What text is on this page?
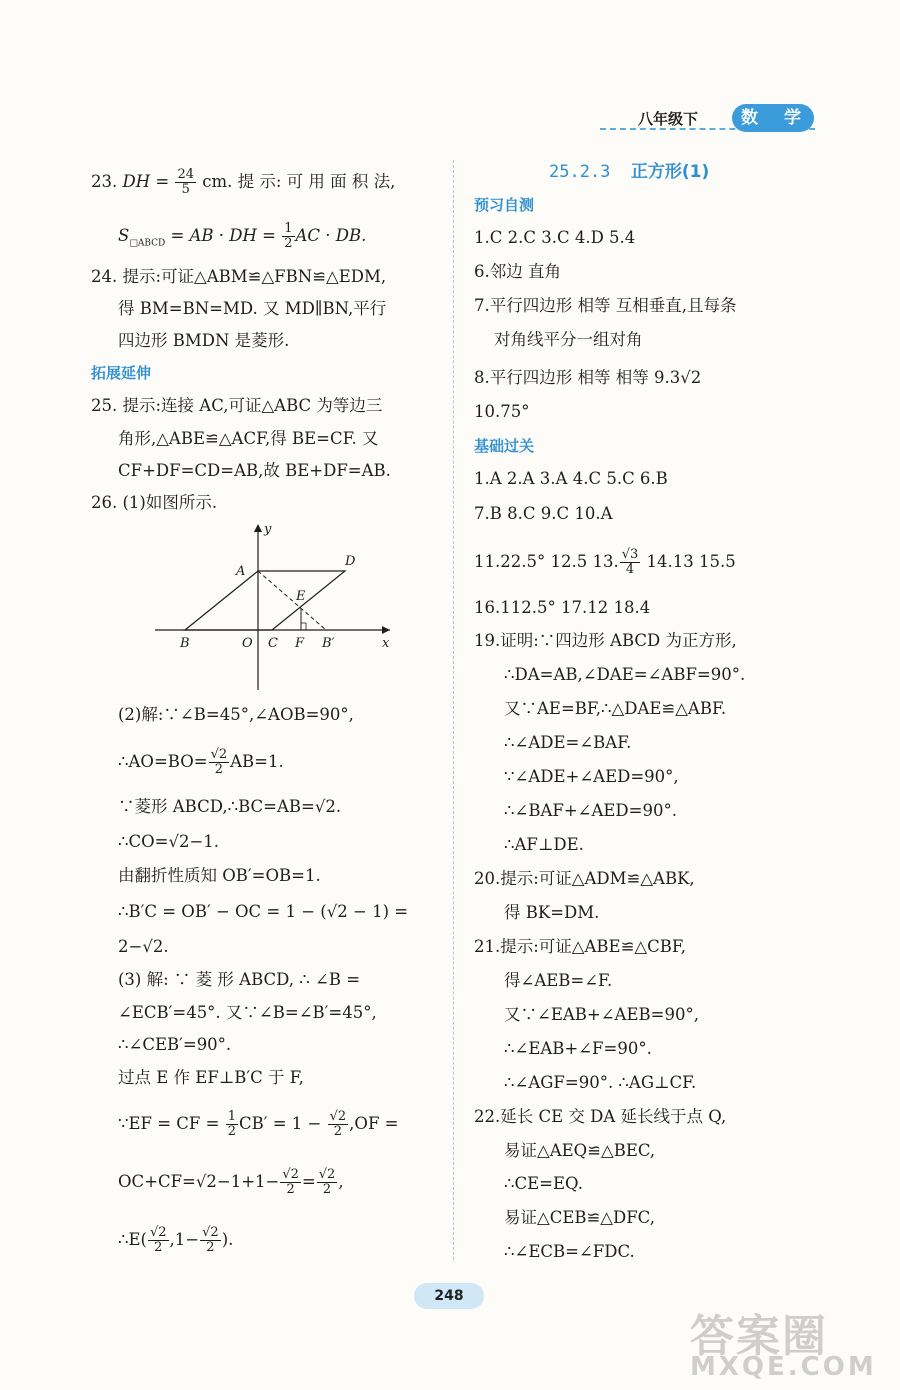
八年级下	数 学
23. DH = $\frac{24}{5}$ cm. 提 示: 可 用 面 积 法,
$S_{□ABCD}$ = AB · DH = $\frac{1}{2}$ AC · DB.
24. 提示:可证△ABM≌△FBN≌△EDM,
得 BM=BN=MD. 又 MD∥BN,平行
四边形 BMDN 是菱形.
拓展延伸
25. 提示:连接 AC,可证△ABC 为等边三
角形,△ABE≌△ACF,得 BE=CF. 又
CF+DF=CD=AB,故 BE+DF=AB.
26. (1)如图所示.
A
D
E
B	O C F B′	x
y
(2)解:∵∠B=45°,∠AOB=90°,
∴AO=BO= $\frac{√2}{2} AB=1$.
∵菱形 ABCD,∴BC=AB=√2.
∴CO=√2−1.
由翻折性质知 OB′=OB=1.
∴B′C = OB′ − OC = 1 − (√2 − 1) =
2−√2.
(3) 解: ∵ 菱 形 ABCD, ∴ ∠B =
∠ECB′=45°. 又∵∠B=∠B′=45°,
∴∠CEB′=90°.
过点 E 作 EF⊥B′C 于 F,
∵EF = CF = $\frac{1}{2} CB' = 1 - \frac{√2}{2} ,OF$ =
$OC+CF=√2-1+1- \frac{√2}{2} = \frac{√2}{2}$ ,
∴E( $\frac{√2}{2} ,1- \frac{√2}{2}$ ).
25.2.3 正方形(1)
预习自测
1.C 2.C 3.C 4.D 5.4
6.邻边 直角
7.平行四边形 相等 互相垂直,且每条
对角线平分一组对角
8.平行四边形 相等 相等 9.3√2
10.75°
基础过关
1.A 2.A 3.A 4.C 5.C 6.B
7.B 8.C 9.C 10.A
11.22.5° 12.5 13. $\frac{√3}{4} 14.13$ 15.5
16.112.5° 17.12 18.4
19.证明:∵四边形 ABCD 为正方形,
∴DA=AB,∠DAE=∠ABF=90°.
又∵AE=BF,∴△DAE≌△ABF.
∴∠ADE=∠BAF.
∵∠ADE+∠AED=90°,
∴∠BAF+∠AED=90°.
∴AF⊥DE.
20.提示:可证△ADM≌△ABK,
得 BK=DM.
21.提示:可证△ABE≌△CBF,
得∠AEB=∠F.
又∵∠EAB+∠AEB=90°,
∴∠EAB+∠F=90°.
∴∠AGF=90°. ∴AG⊥CF.
22.延长 CE 交 DA 延长线于点 Q,
易证△AEQ≌△BEC,
∴CE=EQ.
易证△CEB≌△DFC,
∴∠ECB=∠FDC.
248
答案圈
MXQE.COM
